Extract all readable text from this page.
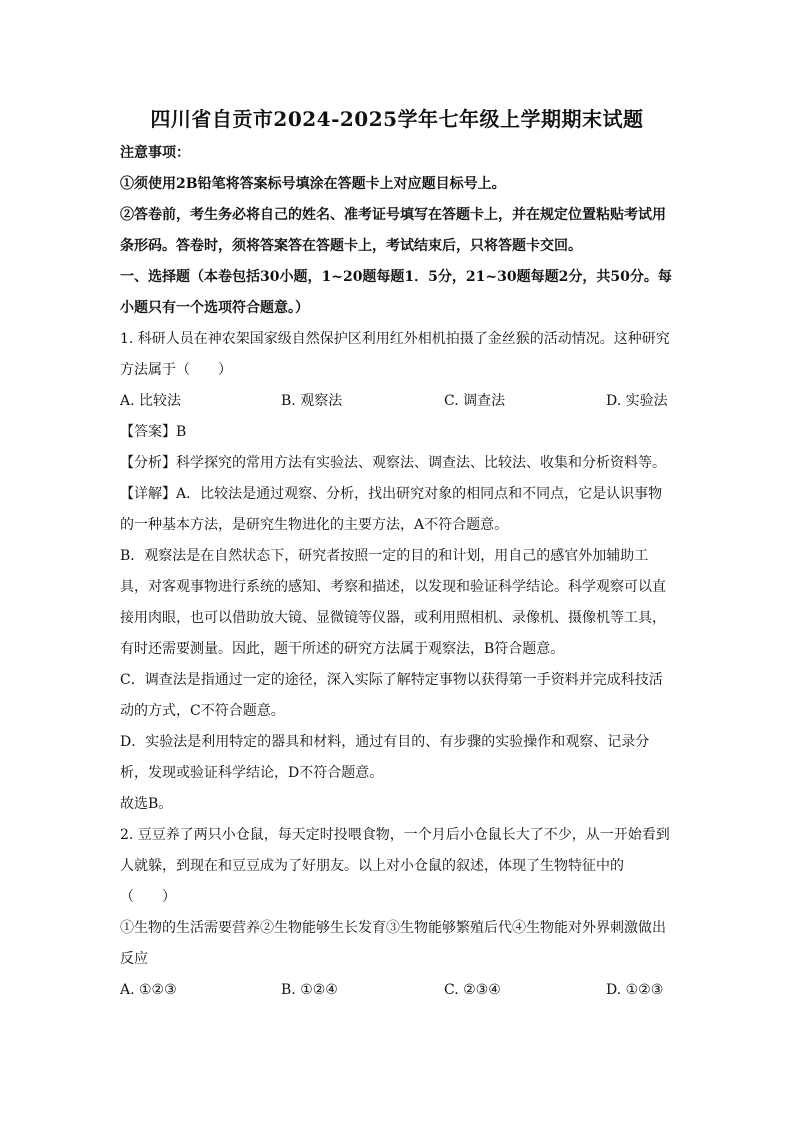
四川省自贡市2024-2025学年七年级上学期期末试题
注意事项：
①须使用2B铅笔将答案标号填涂在答题卡上对应题目标号上。
②答卷前，考生务必将自己的姓名、准考证号填写在答题卡上，并在规定位置粘贴考试用
条形码。答卷时，须将答案答在答题卡上，考试结束后，只将答题卡交回。
一、选择题（本卷包括30小题，1~20题每题1．5分，21~30题每题2分，共50分。每
小题只有一个选项符合题意。）
1. 科研人员在神农架国家级自然保护区利用红外相机拍摄了金丝猴的活动情况。这种研究
方法属于（　　）
A. 比较法	B. 观察法	C. 调查法	D. 实验法
【答案】B
【分析】科学探究的常用方法有实验法、观察法、调查法、比较法、收集和分析资料等。
【详解】A．比较法是通过观察、分析，找出研究对象的相同点和不同点，它是认识事物
的一种基本方法，是研究生物进化的主要方法，A不符合题意。
B．观察法是在自然状态下，研究者按照一定的目的和计划，用自己的感官外加辅助工
具，对客观事物进行系统的感知、考察和描述，以发现和验证科学结论。科学观察可以直
接用肉眼，也可以借助放大镜、显微镜等仪器，或利用照相机、录像机、摄像机等工具，
有时还需要测量。因此，题干所述的研究方法属于观察法，B符合题意。
C．调查法是指通过一定的途径，深入实际了解特定事物以获得第一手资料并完成科技活
动的方式，C不符合题意。
D．实验法是利用特定的器具和材料，通过有目的、有步骤的实验操作和观察、记录分
析，发现或验证科学结论，D不符合题意。
故选B。
2. 豆豆养了两只小仓鼠，每天定时投喂食物，一个月后小仓鼠长大了不少，从一开始看到
人就躲，到现在和豆豆成为了好朋友。以上对小仓鼠的叙述，体现了生物特征中的
（　　）
①生物的生活需要营养②生物能够生长发育③生物能够繁殖后代④生物能对外界刺激做出
反应
A. ①②③	B. ①②④	C. ②③④	D. ①②③
